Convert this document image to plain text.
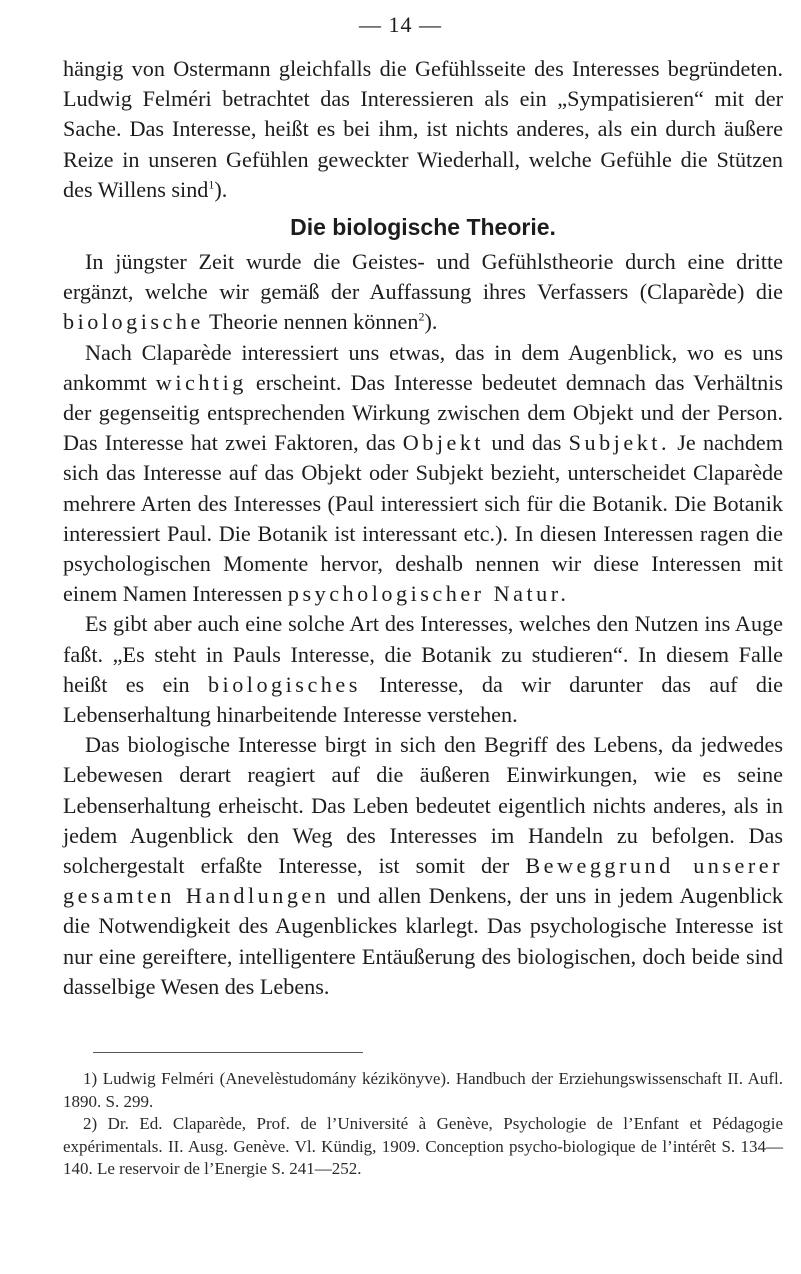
— 14 —

hängig von Ostermann gleichfalls die Gefühlsseite des Interesses begründeten. Ludwig Felméri betrachtet das Interessieren als ein „Sympatisieren“ mit der Sache. Das Interesse, heißt es bei ihm, ist nichts anderes, als ein durch äußere Reize in unseren Gefühlen geweckter Wiederhall, welche Gefühle die Stützen des Willens sind$^1$).

Die biologische Theorie.

In jüngster Zeit wurde die Geistes- und Gefühlstheorie durch eine dritte ergänzt, welche wir gemäß der Auffassung ihres Verfassers (Claparède) die biologische Theorie nennen können$^2$).

Nach Claparède interessiert uns etwas, das in dem Augenblick, wo es uns ankommt wichtig erscheint. Das Interesse bedeutet demnach das Verhältnis der gegenseitig entsprechenden Wirkung zwischen dem Objekt und der Person. Das Interesse hat zwei Faktoren, das Objekt und das Subjekt. Je nachdem sich das Interesse auf das Objekt oder Subjekt bezieht, unterscheidet Claparède mehrere Arten des Interesses (Paul interessiert sich für die Botanik. Die Botanik interessiert Paul. Die Botanik ist interessant etc.). In diesen Interessen ragen die psychologischen Momente hervor, deshalb nennen wir diese Interessen mit einem Namen Interessen psychologischer Natur.

Es gibt aber auch eine solche Art des Interesses, welches den Nutzen ins Auge faßt. „Es steht in Pauls Interesse, die Botanik zu studieren“. In diesem Falle heißt es ein biologisches Interesse, da wir darunter das auf die Lebenserhaltung hinarbeitende Interesse verstehen.

Das biologische Interesse birgt in sich den Begriff des Lebens, da jedwedes Lebewesen derart reagiert auf die äußeren Einwirkungen, wie es seine Lebenserhaltung erheischt. Das Leben bedeutet eigentlich nichts anderes, als in jedem Augenblick den Weg des Interesses im Handeln zu befolgen. Das solchergestalt erfaßte Interesse, ist somit der Beweggrund unserer gesamten Handlungen und allen Denkens, der uns in jedem Augenblick die Notwendigkeit des Augenblickes klarlegt. Das psychologische Interesse ist nur eine gereiftere, intelligentere Entäußerung des biologischen, doch beide sind dasselbige Wesen des Lebens.

1) Ludwig Felméri (Anevelèstudomány kézikönyve). Handbuch der Erziehungswissenschaft II. Aufl. 1890. S. 299.

2) Dr. Ed. Claparède, Prof. de l’Université à Genève, Psychologie de l’Enfant et Pédagogie expérimentals. II. Ausg. Genève. Vl. Kündig, 1909. Conception psycho-biologique de l’intérêt S. 134—140. Le reservoir de l’Energie S. 241—252.
